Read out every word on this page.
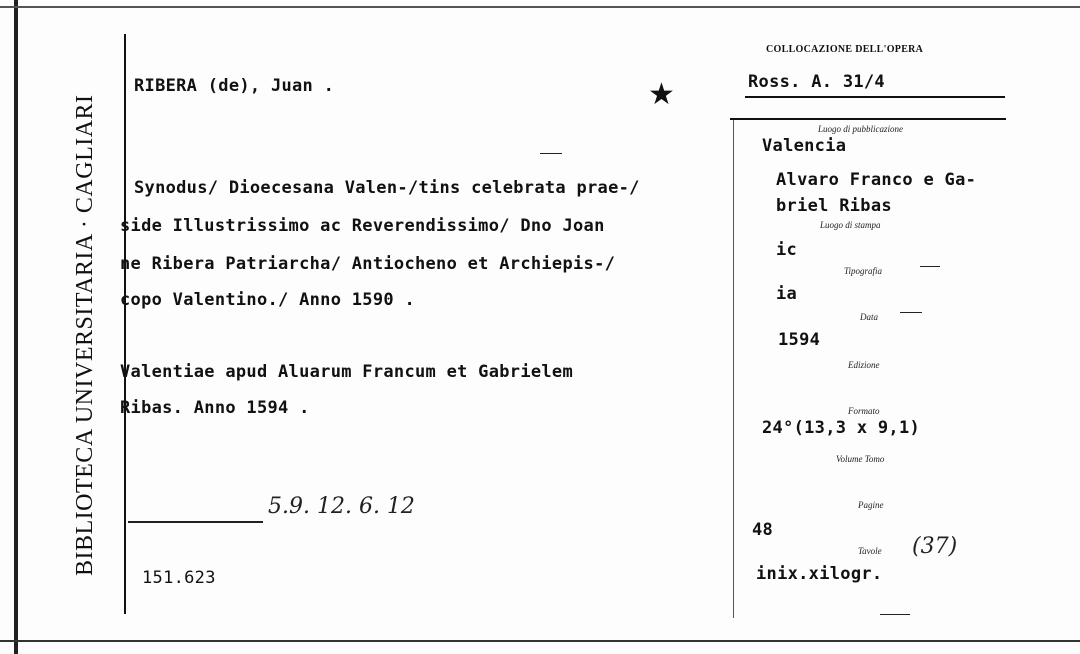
BIBLIOTECA UNIVERSITARIA · CAGLIARI
RIBERA (de), Juan .	★
Synodus/ Dioecesana Valen-/tins celebrata prae-/
side Illustrissimo ac Reverendissimo/ Dno Joan
ne Ribera Patriarcha/ Antiocheno et Archiepis-/
copo Valentino./ Anno 1590 .
Valentiae apud Aluarum Francum et Gabrielem
Ribas. Anno 1594 .
5.9. 12. 6. 12
151.623
COLLOCAZIONE DELL'OPERA
Ross. A. 31/4
Luogo di pubblicazione
Valencia
Alvaro Franco e Ga-
briel Ribas
Luogo di stampa
ic
Tipografia
ia
Data
1594
Edizione
Formato
24°(13,3 x 9,1)
Volume Tomo
Pagine
48
Tavole
inix.xilogr.
(37)
